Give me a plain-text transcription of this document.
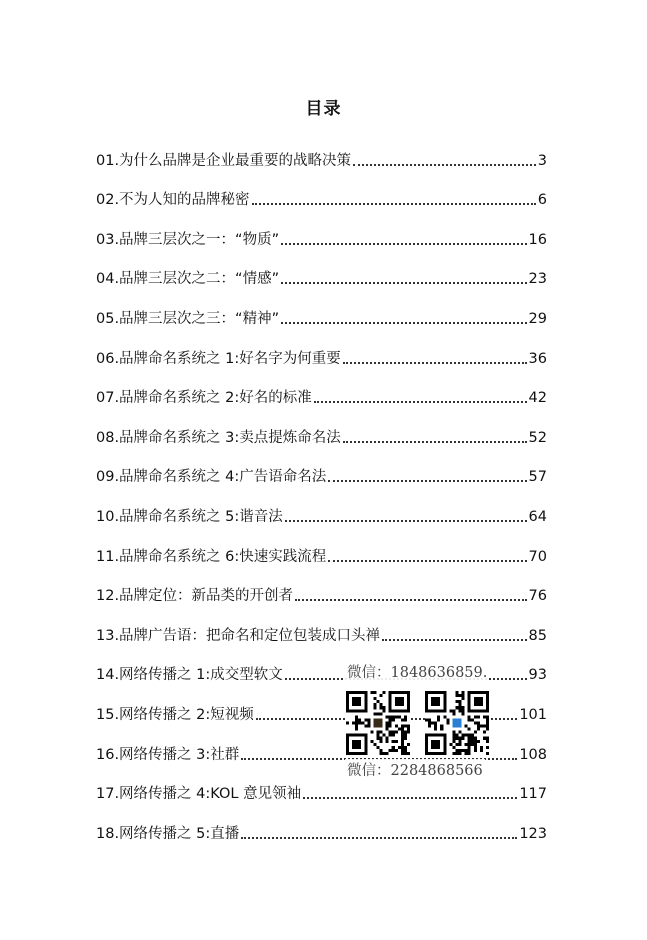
目录
01.为什么品牌是企业最重要的战略决策	3
02.不为人知的品牌秘密	6
03.品牌三层次之一：“物质”	16
04.品牌三层次之二：“情感”	23
05.品牌三层次之三：“精神”	29
06.品牌命名系统之 1:好名字为何重要	36
07.品牌命名系统之 2:好名的标准	42
08.品牌命名系统之 3:卖点提炼命名法	52
09.品牌命名系统之 4:广告语命名法	57
10.品牌命名系统之 5:谐音法	64
11.品牌命名系统之 6:快速实践流程	70
12.品牌定位：新品类的开创者	76
13.品牌广告语：把命名和定位包装成口头禅	85
14.网络传播之 1:成交型软文	93
15.网络传播之 2:短视频	101
16.网络传播之 3:社群	108
17.网络传播之 4:KOL 意见领袖	117
18.网络传播之 5:直播	123
微信：1848636859.
微信：2284868566
